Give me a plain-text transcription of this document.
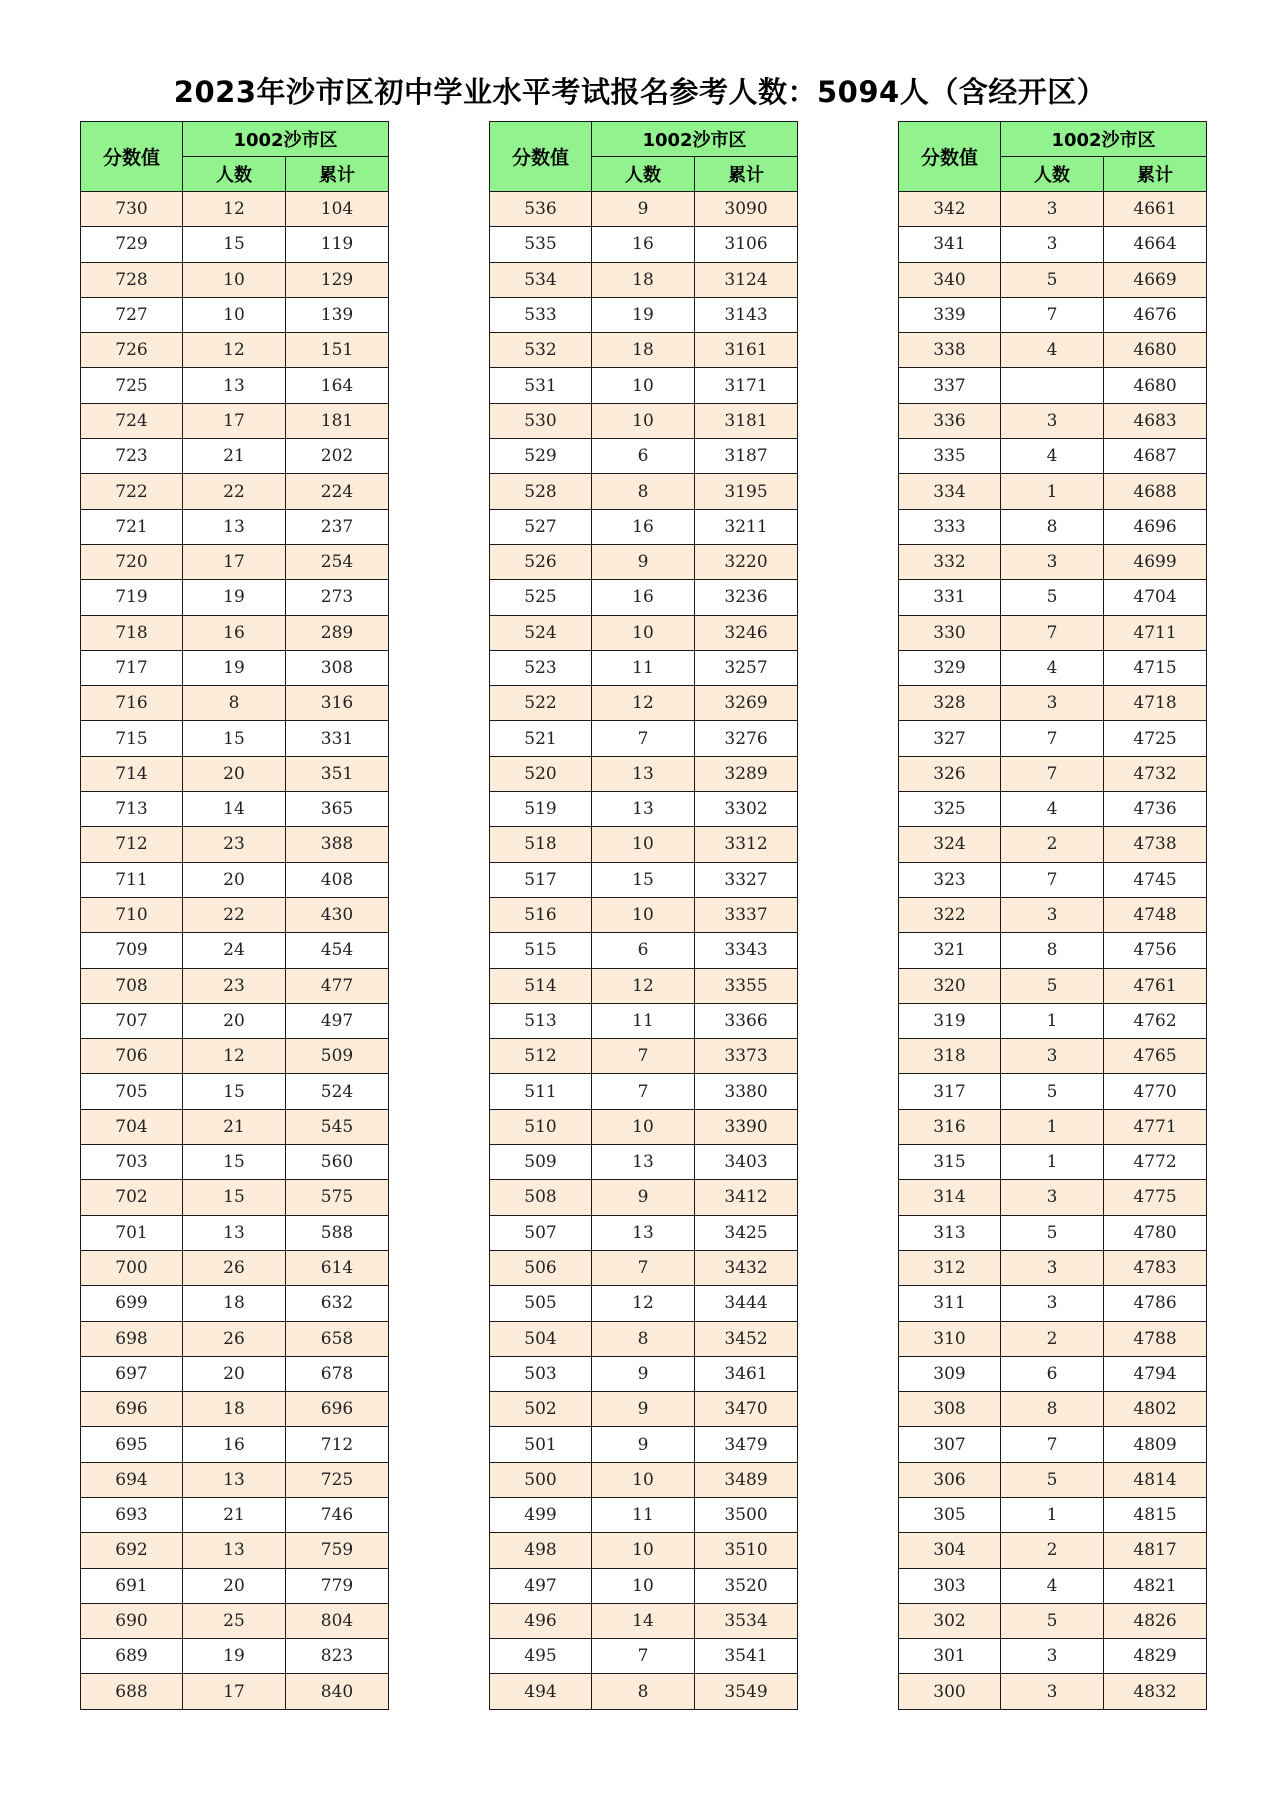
2023年沙市区初中学业水平考试报名参考人数：5094人（含经开区）
分数值	1002沙市区	
	人数	累计
730	12	104
729	15	119
728	10	129
727	10	139
726	12	151
725	13	164
724	17	181
723	21	202
722	22	224
721	13	237
720	17	254
719	19	273
718	16	289
717	19	308
716	8	316
715	15	331
714	20	351
713	14	365
712	23	388
711	20	408
710	22	430
709	24	454
708	23	477
707	20	497
706	12	509
705	15	524
704	21	545
703	15	560
702	15	575
701	13	588
700	26	614
699	18	632
698	26	658
697	20	678
696	18	696
695	16	712
694	13	725
693	21	746
692	13	759
691	20	779
690	25	804
689	19	823
688	17	840
分数值	1002沙市区	
	人数	累计
536	9	3090
535	16	3106
534	18	3124
533	19	3143
532	18	3161
531	10	3171
530	10	3181
529	6	3187
528	8	3195
527	16	3211
526	9	3220
525	16	3236
524	10	3246
523	11	3257
522	12	3269
521	7	3276
520	13	3289
519	13	3302
518	10	3312
517	15	3327
516	10	3337
515	6	3343
514	12	3355
513	11	3366
512	7	3373
511	7	3380
510	10	3390
509	13	3403
508	9	3412
507	13	3425
506	7	3432
505	12	3444
504	8	3452
503	9	3461
502	9	3470
501	9	3479
500	10	3489
499	11	3500
498	10	3510
497	10	3520
496	14	3534
495	7	3541
494	8	3549
分数值	1002沙市区	
	人数	累计
342	3	4661
341	3	4664
340	5	4669
339	7	4676
338	4	4680
337		4680
336	3	4683
335	4	4687
334	1	4688
333	8	4696
332	3	4699
331	5	4704
330	7	4711
329	4	4715
328	3	4718
327	7	4725
326	7	4732
325	4	4736
324	2	4738
323	7	4745
322	3	4748
321	8	4756
320	5	4761
319	1	4762
318	3	4765
317	5	4770
316	1	4771
315	1	4772
314	3	4775
313	5	4780
312	3	4783
311	3	4786
310	2	4788
309	6	4794
308	8	4802
307	7	4809
306	5	4814
305	1	4815
304	2	4817
303	4	4821
302	5	4826
301	3	4829
300	3	4832
